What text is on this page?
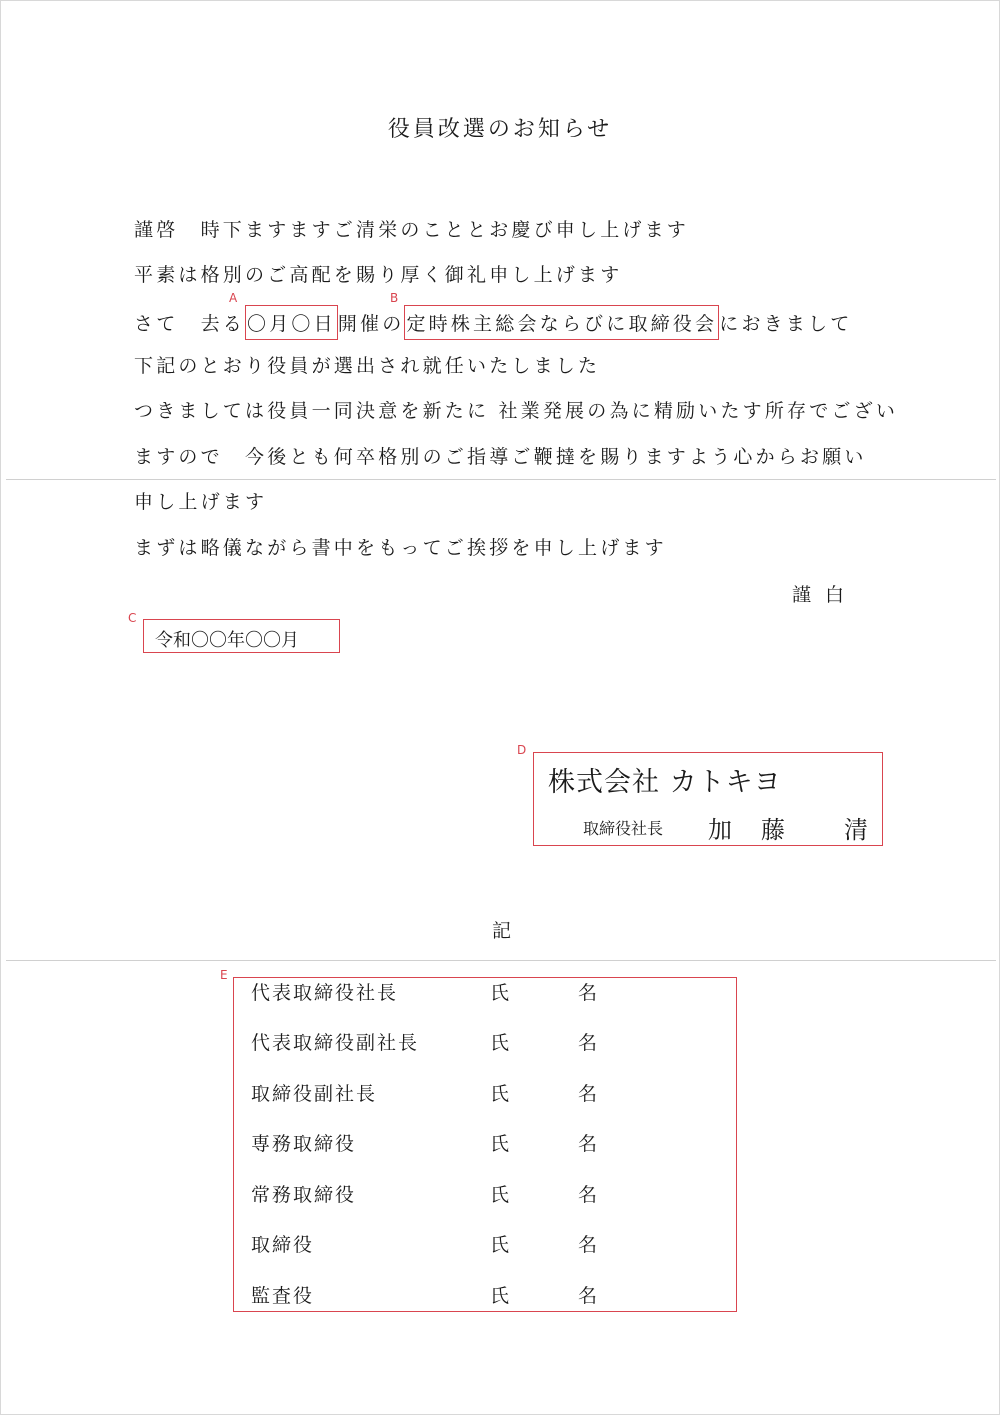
役員改選のお知らせ
謹啓　時下ますますご清栄のこととお慶び申し上げます
平素は格別のご高配を賜り厚く御礼申し上げます
さて　去る 〇月〇日 開催の 定時株主総会ならびに取締役会 におきまして
A	B
下記のとおり役員が選出され就任いたしました
つきましては役員一同決意を新たに 社業発展の為に精励いたす所存でござい
ますので　今後とも何卒格別のご指導ご鞭撻を賜りますよう心からお願い
申し上げます
まずは略儀ながら書中をもってご挨拶を申し上げます
謹白
C
令和〇〇年〇〇月
D
株式会社 カトキヨ
取締役社長 加 藤 清
記
E
代表取締役社長	氏	名
代表取締役副社長	氏	名
取締役副社長	氏	名
専務取締役	氏	名
常務取締役	氏	名
取締役	氏	名
監査役	氏	名
